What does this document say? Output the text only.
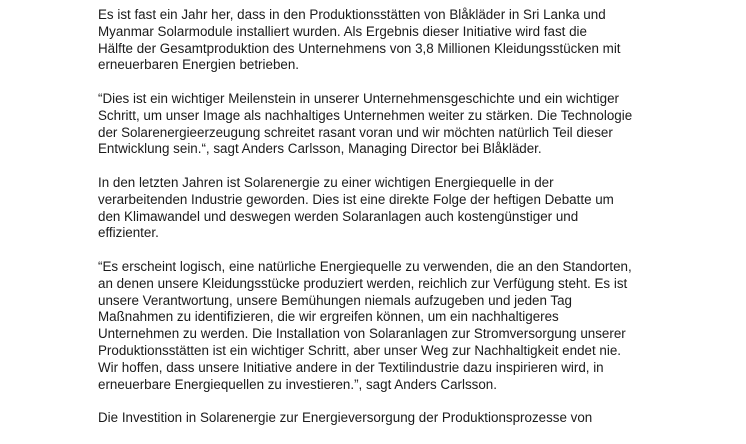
Es ist fast ein Jahr her, dass in den Produktionsstätten von Blåkläder in Sri Lanka und
Myanmar Solarmodule installiert wurden. Als Ergebnis dieser Initiative wird fast die
Hälfte der Gesamtproduktion des Unternehmens von 3,8 Millionen Kleidungsstücken mit
erneuerbaren Energien betrieben.

“Dies ist ein wichtiger Meilenstein in unserer Unternehmensgeschichte und ein wichtiger
Schritt, um unser Image als nachhaltiges Unternehmen weiter zu stärken. Die Technologie
der Solarenergieerzeugung schreitet rasant voran und wir möchten natürlich Teil dieser
Entwicklung sein.“, sagt Anders Carlsson, Managing Director bei Blåkläder.

In den letzten Jahren ist Solarenergie zu einer wichtigen Energiequelle in der
verarbeitenden Industrie geworden. Dies ist eine direkte Folge der heftigen Debatte um
den Klimawandel und deswegen werden Solaranlagen auch kostengünstiger und
effizienter.

“Es erscheint logisch, eine natürliche Energiequelle zu verwenden, die an den Standorten,
an denen unsere Kleidungsstücke produziert werden, reichlich zur Verfügung steht. Es ist
unsere Verantwortung, unsere Bemühungen niemals aufzugeben und jeden Tag
Maßnahmen zu identifizieren, die wir ergreifen können, um ein nachhaltigeres
Unternehmen zu werden. Die Installation von Solaranlagen zur Stromversorgung unserer
Produktionsstätten ist ein wichtiger Schritt, aber unser Weg zur Nachhaltigkeit endet nie.
Wir hoffen, dass unsere Initiative andere in der Textilindustrie dazu inspirieren wird, in
erneuerbare Energiequellen zu investieren.”, sagt Anders Carlsson.

Die Investition in Solarenergie zur Energieversorgung der Produktionsprozesse von
